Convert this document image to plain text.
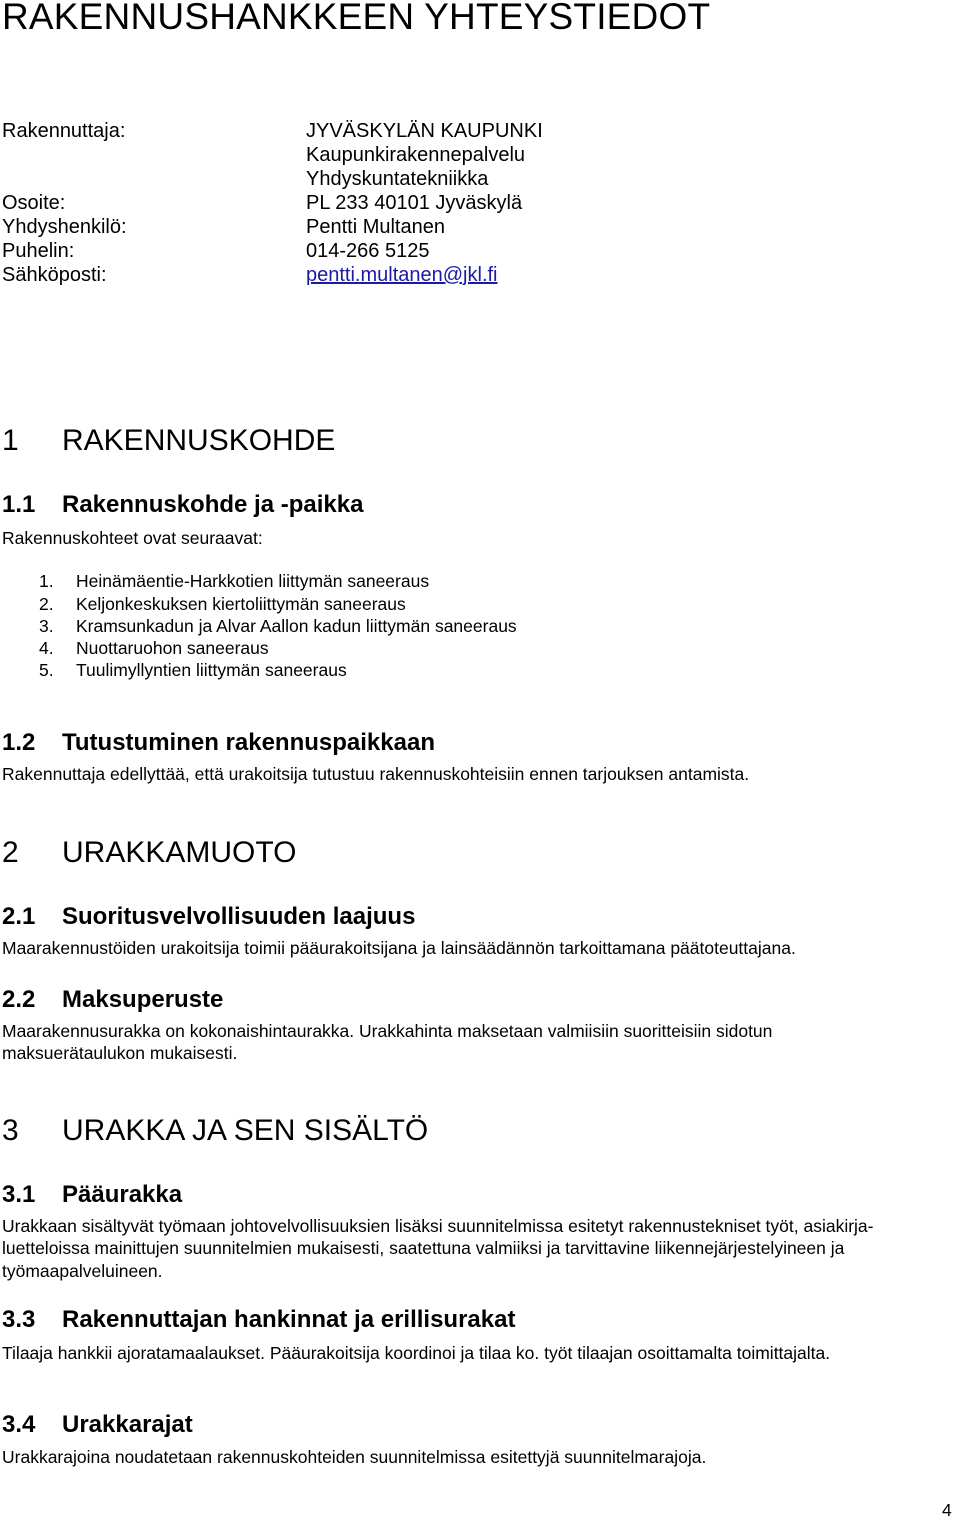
RAKENNUSHANKKEEN YHTEYSTIEDOT
Rakennuttaja:	JYVÄSKYLÄN KAUPUNKI
Kaupunkirakennepalvelu
Yhdyskuntatekniikka
Osoite:	PL 233 40101 Jyväskylä
Yhdyshenkilö:	Pentti Multanen
Puhelin:	014-266 5125
Sähköposti:	pentti.multanen@jkl.fi
1 RAKENNUSKOHDE
1.1 Rakennuskohde ja -paikka
Rakennuskohteet ovat seuraavat:
1. Heinämäentie-Harkkotien liittymän saneeraus
2. Keljonkeskuksen kiertoliittymän saneeraus
3. Kramsunkadun ja Alvar Aallon kadun liittymän saneeraus
4. Nuottaruohon saneeraus
5. Tuulimyllyntien liittymän saneeraus
1.2 Tutustuminen rakennuspaikkaan
Rakennuttaja edellyttää, että urakoitsija tutustuu rakennuskohteisiin ennen tarjouksen antamista.
2 URAKKAMUOTO
2.1 Suoritusvelvollisuuden laajuus
Maarakennustöiden urakoitsija toimii pääurakoitsijana ja lainsäädännön tarkoittamana päätoteuttajana.
2.2 Maksuperuste
Maarakennusurakka on kokonaishintaurakka. Urakkahinta maksetaan valmiisiin suoritteisiin sidotun
maksuerätaulukon mukaisesti.
3 URAKKA JA SEN SISÄLTÖ
3.1 Pääurakka
Urakkaan sisältyvät työmaan johtovelvollisuuksien lisäksi suunnitelmissa esitetyt rakennustekniset työt, asiakirja-
luetteloissa mainittujen suunnitelmien mukaisesti, saatettuna valmiiksi ja tarvittavine liikennejärjestelyineen ja
työmaapalveluineen.
3.3 Rakennuttajan hankinnat ja erillisurakat
Tilaaja hankkii ajoratamaalaukset. Pääurakoitsija koordinoi ja tilaa ko. työt tilaajan osoittamalta toimittajalta.
3.4 Urakkarajat
Urakkarajoina noudatetaan rakennuskohteiden suunnitelmissa esitettyjä suunnitelmarajoja.
4
